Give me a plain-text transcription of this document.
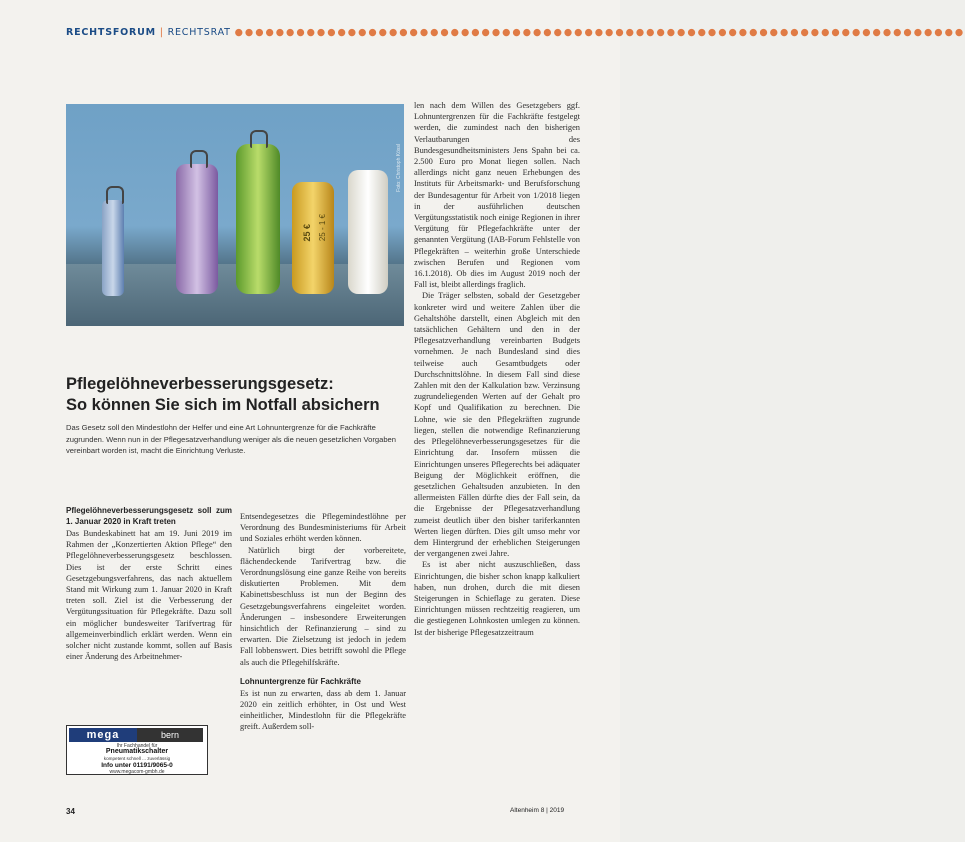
RECHTSFORUM | RECHTSRAT ●●●●●●●●●●●●●●●●●●●●●●●●●●●●●●●●●●●●●●●●●●●●●●●●●●●●●●●●●●●●●●●●●●●●●●●
25 € 25 - 1 €
Foto: Christoph Kössl
Pflegelöhneverbesserungsgesetz:
So können Sie sich im Notfall absichern
Das Gesetz soll den Mindestlohn der Helfer und eine Art Lohnuntergrenze für die Fachkräfte zugrunden. Wenn nun in der Pflegesatzverhandlung weniger als die neuen gesetzlichen Vorgaben vereinbart worden ist, macht die Einrichtung Verluste.
Pflegelöhneverbesserungsgesetz soll zum 1. Januar 2020 in Kraft treten

Das Bundeskabinett hat am 19. Juni 2019 im Rahmen der „Konzertierten Aktion Pflege“ den Pflegelöhneverbesserungsgesetz beschlossen. Dies ist der erste Schritt eines Gesetzgebungsverfahrens, das nach aktuellem Stand mit Wirkung zum 1. Januar 2020 in Kraft treten soll. Ziel ist die Verbesserung der Vergütungssituation für Pflegekräfte. Dazu soll ein möglicher bundesweiter Tarifvertrag für allgemeinverbindlich erklärt werden. Wenn ein solcher nicht zustande kommt, sollen auf Basis einer Änderung des Arbeitnehmer-

Entsendegesetzes die Pflegemindestlöhne per Verordnung des Bundesministeriums für Arbeit und Soziales erhöht werden können.

Natürlich birgt der vorbereitete, flächendeckende Tarifvertrag bzw. die Verordnungslösung eine ganze Reihe von bereits diskutierten Problemen. Mit dem Kabinettsbeschluss ist nun der Beginn des Gesetzgebungsverfahrens eingeleitet worden. Änderungen – insbesondere Erweiterungen hinsichtlich der Refinanzierung – sind zu erwarten. Die Zielsetzung ist jedoch in jedem Fall lobbenswert. Dies betrifft sowohl die Pflege als auch die Pflegehilfskräfte.

Lohnuntergrenze für Fachkräfte

Es ist nun zu erwarten, dass ab dem 1. Januar 2020 ein zeitlich erhöhter, in Ost und West einheitlicher, Mindestlohn für die Pflegekräfte greift. Außerdem soll-

len nach dem Willen des Gesetzgebers ggf. Lohnuntergrenzen für die Fachkräfte festgelegt werden, die zumindest nach den bisherigen Verlautbarungen des Bundesgesundheitsministers Jens Spahn bei ca. 2.500 Euro pro Monat liegen sollen. Nach allerdings nicht ganz neuen Erhebungen des Instituts für Arbeitsmarkt- und Berufsforschung der Bundesagentur für Arbeit von 1/2018 liegen in der ausführlichen deutschen Vergütungsstatistik noch einige Regionen in ihrer Vergütung für Pflegefachkräfte unter der genannten Vergütung (IAB-Forum Fehlstelle von Pflegekräften – weiterhin große Unterschiede zwischen Berufen und Regionen vom 16.1.2018). Ob dies im August 2019 noch der Fall ist, bleibt allerdings fraglich.

Die Träger selbsten, sobald der Gesetzgeber konkreter wird und weitere Zahlen über die Gehaltshöhe darstellt, einen Abgleich mit den tatsächlichen Gehältern und den in der Pflegesatzverhandlung vereinbarten Budgets vornehmen. Je nach Bundesland sind dies teilweise auch Gesamtbudgets oder Durchschnittslöhne. In diesem Fall sind diese Zahlen mit den der Kalkulation bzw. Verzinsung zugrundeliegenden Werten auf der Gehalt pro Kopf und Qualifikation zu berechnen. Die Lohne, wie sie den Pflegekräften zugrunde liegen, stellen die notwendige Refinanzierung des Pflegelöhneverbesserungsgesetzes für die Einrichtung dar. Insofern müssen die Einrichtungen unseres Pflegerechts bei adäquater Beigung der Möglichkeit eröffnen, die gesetzlichen Gehaltsuden anzubieten. In den allermeisten Fällen dürfte dies der Fall sein, da die Ergebnisse der Pflegesatzverhandlung zumeist deutlich über den bisher tariferkannten Werten liegen dürften. Dies gilt umso mehr vor dem Hintergrund der erheblichen Steigerungen der vergangenen zwei Jahre.

Es ist aber nicht auszuschließen, dass Einrichtungen, die bisher schon knapp kalkuliert haben, nun drohen, durch die mit diesen Steigerungen in Schieflage zu geraten. Diese Einrichtungen müssen rechtzeitig reagieren, um die gestiegenen Lohnkosten umlegen zu können. Ist der bisherige Pflegesatzzeitraum

mega	bern
Ihr Fachhandel für
Pneumatikschalter
kompetent schnell ... zuverlässig
Info unter 01191/9065-0
www.megacom-gmbh.de
34	Altenheim 8 | 2019
